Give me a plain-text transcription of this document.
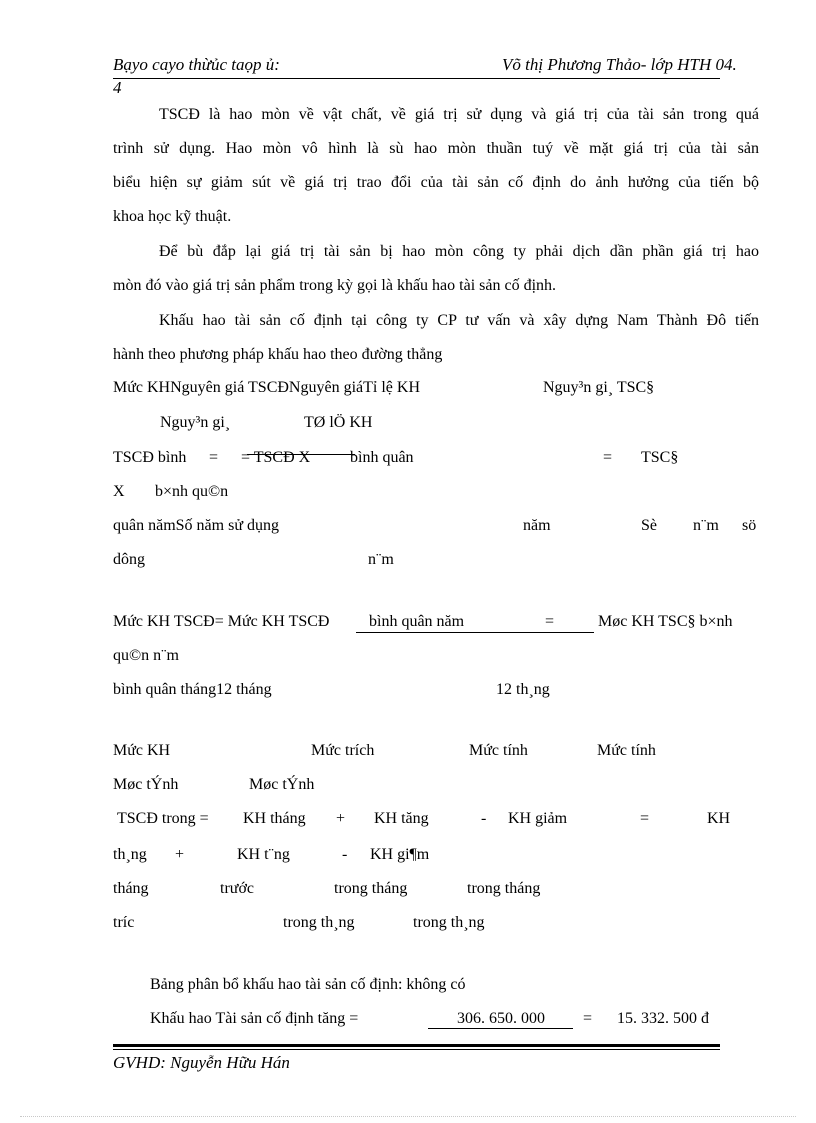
Bạyo cayo thừủc taọp ủ:	Võ thị Phương Thảo- lớp HTH 04.
4
TSCĐ là hao mòn về vật chất, về giá trị sử dụng và giá trị của tài sản trong quá
trình sử dụng. Hao mòn vô hình là sù hao mòn thuần tuý về mặt giá trị của tài sản
biểu hiện sự giảm sút về giá trị trao đổi của tài sản cố định do ảnh hưởng của tiến bộ
khoa học kỹ thuật.
Để bù đắp lại giá trị tài sản bị hao mòn công ty phải dịch dần phần giá trị hao
mòn đó vào giá trị sản phẩm trong kỳ gọi là khấu hao tài sản cố định.
Khấu hao tài sản cố định tại công ty CP tư vấn và xây dựng Nam Thành Đô tiến
hành theo phương pháp khấu hao theo đường thẳng
Mức KHNguyên giá TSCĐNguyên giáTỉ lệ KH	Nguy³n gi¸ TSC§
Nguy³n gi¸	TØ lÖ KH
TSCĐ bình = = TSCĐ X bình quân	= TSC§
X b×nh qu©n
quân nămSố năm sử dụng	năm	Sè n¨m sö
dông	n¨m
Mức KH TSCĐ= Mức KH TSCĐ bình quân năm	=	Møc KH TSC§ b×nh
qu©n n¨m
bình quân tháng12 tháng	12 th¸ng
Mức KH	Mức trích	Mức tính	Mức tính
Møc tÝnh	Møc tÝnh
TSCĐ trong = KH tháng + KH tăng	- KH giảm	=	KH
th¸ng +	KH t¨ng	- KH gi¶m
tháng	trước	trong tháng	trong tháng
tríc	trong th¸ng	trong th¸ng
Bảng phân bổ khấu hao tài sản cố định: không có
Khấu hao Tài sản cố định tăng =	306. 650. 000 = 15. 332. 500 đ
GVHD: Nguyễn Hữu Hán
